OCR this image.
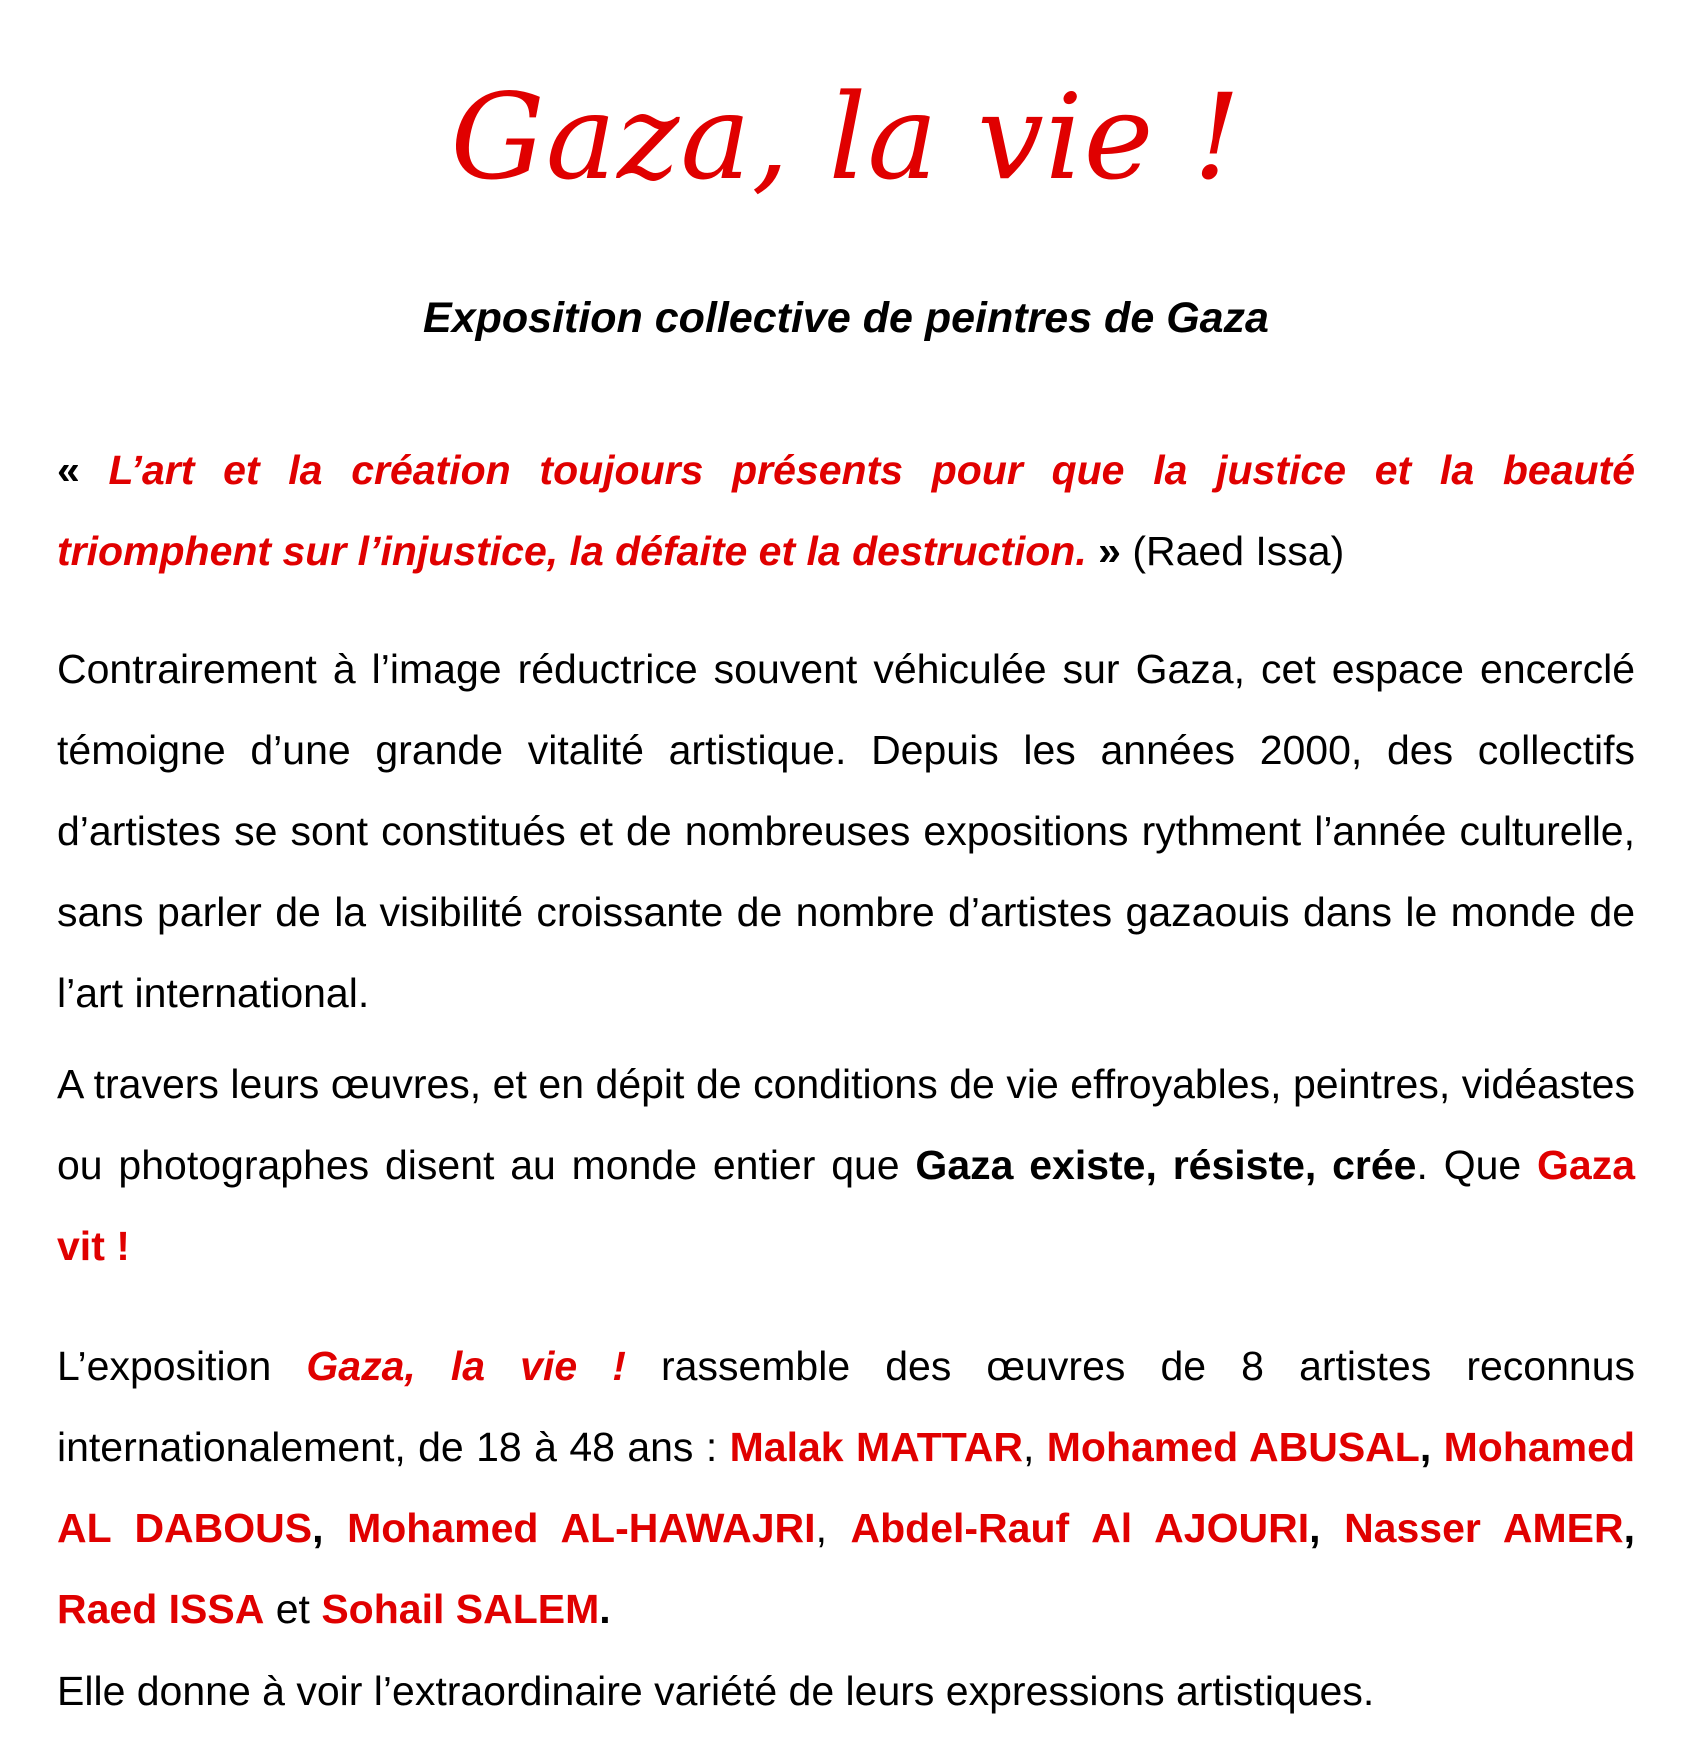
Gaza, la vie !
Exposition collective de peintres de Gaza

« L’art et la création toujours présents pour que la justice et la beauté triomphent sur l’injustice, la défaite et la destruction. » (Raed Issa)

Contrairement à l’image réductrice souvent véhiculée sur Gaza, cet espace encerclé témoigne d’une grande vitalité artistique. Depuis les années 2000, des collectifs d’artistes se sont constitués et de nombreuses expositions rythment l’année culturelle, sans parler de la visibilité croissante de nombre d’artistes gazaouis dans le monde de l’art international.

A travers leurs œuvres, et en dépit de conditions de vie effroyables, peintres, vidéastes ou photographes disent au monde entier que Gaza existe, résiste, crée. Que Gaza vit !

L’exposition Gaza, la vie ! rassemble des œuvres de 8 artistes reconnus internationalement, de 18 à 48 ans : Malak MATTAR, Mohamed ABUSAL, Mohamed AL DABOUS, Mohamed AL-HAWAJRI, Abdel-Rauf Al AJOURI, Nasser AMER, Raed ISSA et Sohail SALEM.

Elle donne à voir l’extraordinaire variété de leurs expressions artistiques.
